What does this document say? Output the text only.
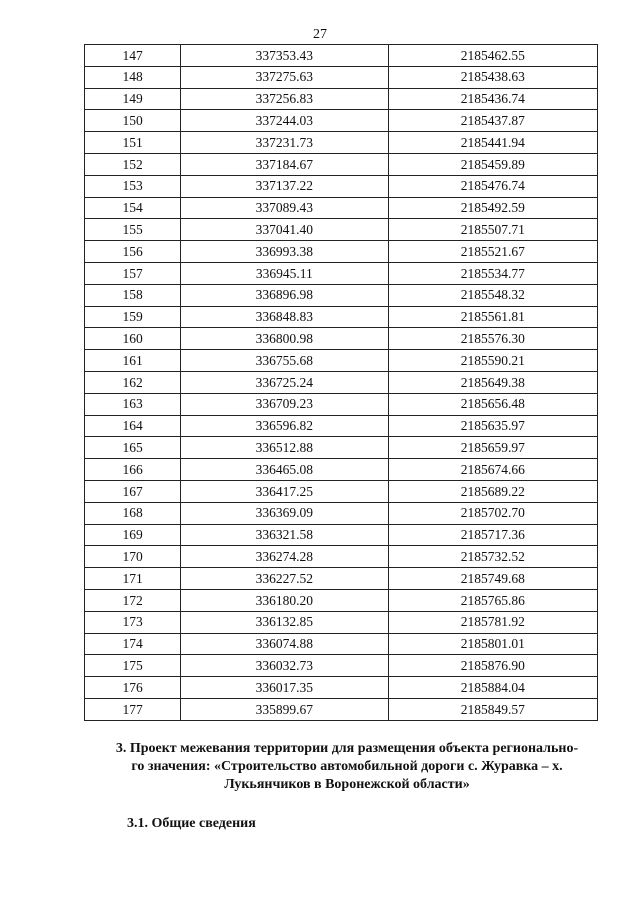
27
147	337353.43	2185462.55
148	337275.63	2185438.63
149	337256.83	2185436.74
150	337244.03	2185437.87
151	337231.73	2185441.94
152	337184.67	2185459.89
153	337137.22	2185476.74
154	337089.43	2185492.59
155	337041.40	2185507.71
156	336993.38	2185521.67
157	336945.11	2185534.77
158	336896.98	2185548.32
159	336848.83	2185561.81
160	336800.98	2185576.30
161	336755.68	2185590.21
162	336725.24	2185649.38
163	336709.23	2185656.48
164	336596.82	2185635.97
165	336512.88	2185659.97
166	336465.08	2185674.66
167	336417.25	2185689.22
168	336369.09	2185702.70
169	336321.58	2185717.36
170	336274.28	2185732.52
171	336227.52	2185749.68
172	336180.20	2185765.86
173	336132.85	2185781.92
174	336074.88	2185801.01
175	336032.73	2185876.90
176	336017.35	2185884.04
177	335899.67	2185849.57
3. Проект межевания территории для размещения объекта регионально-
го значения: «Строительство автомобильной дороги с. Журавка – х.
Лукьянчиков в Воронежской области»
3.1. Общие сведения
